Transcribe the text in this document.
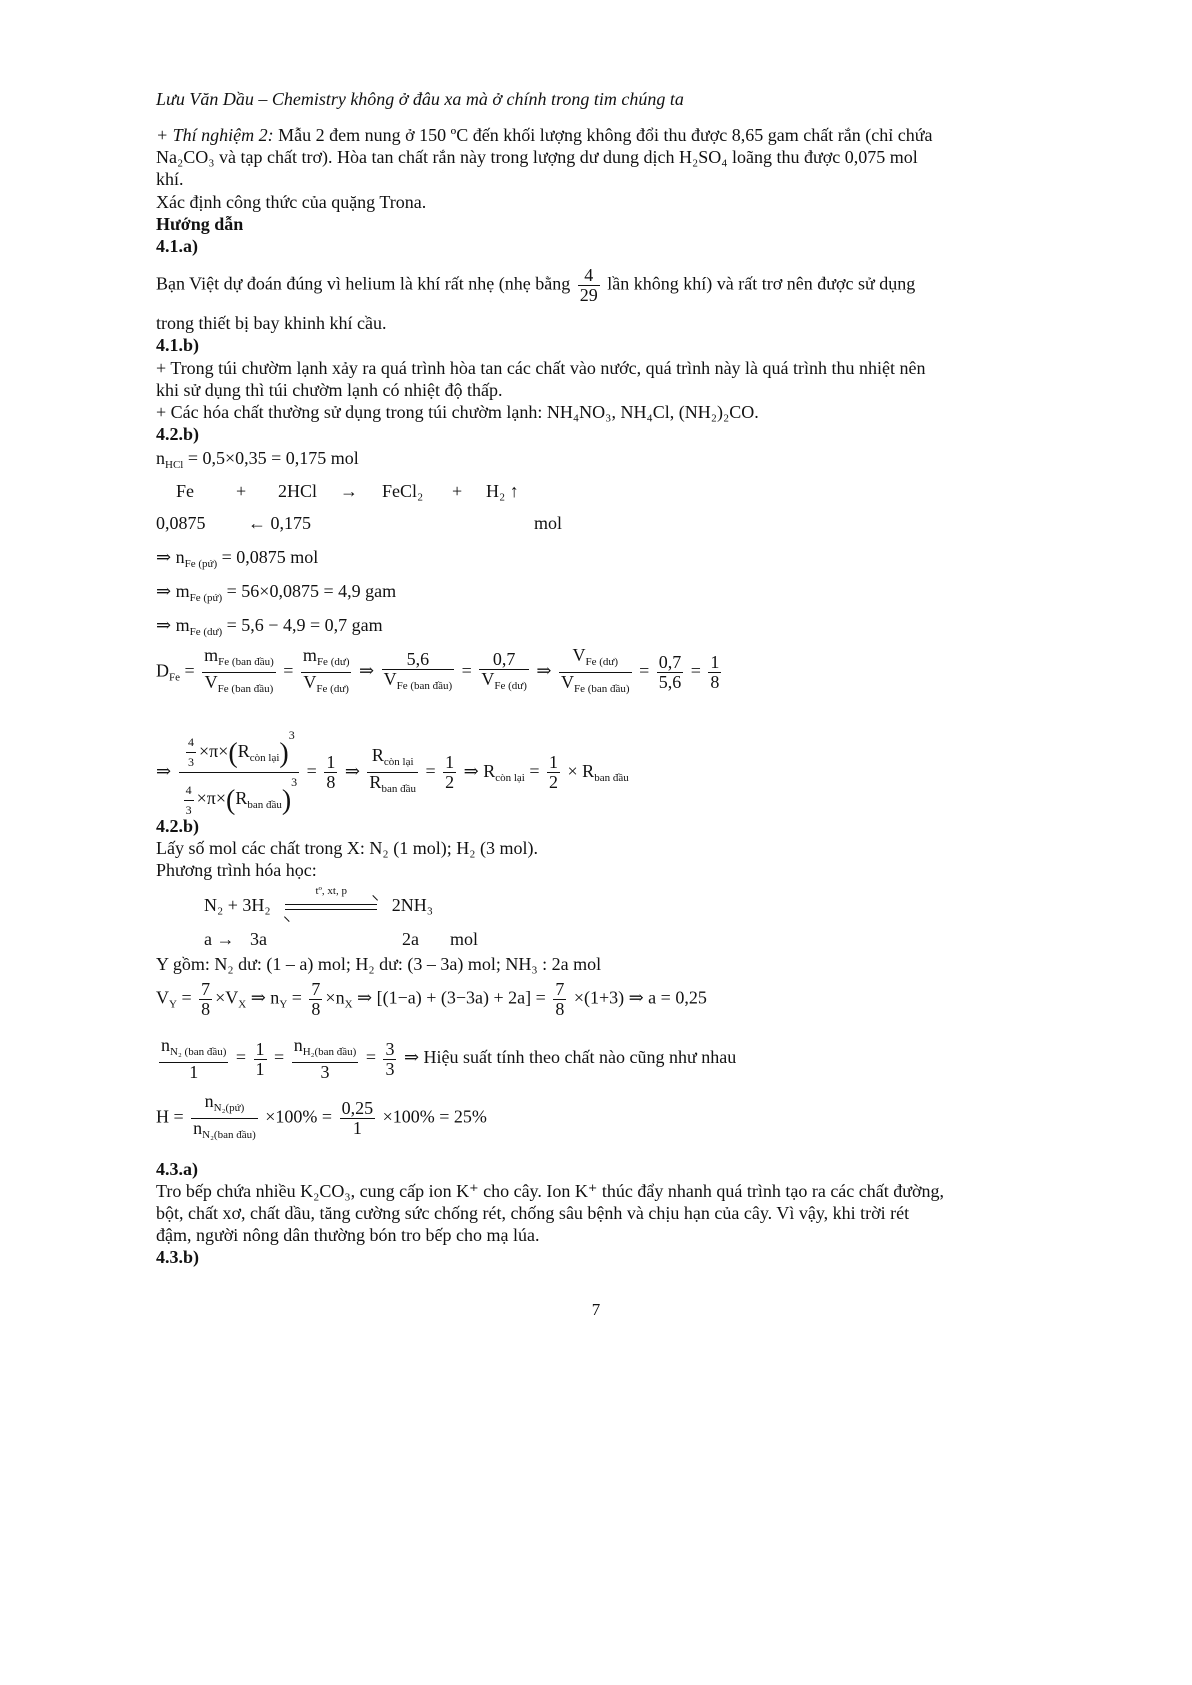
Lưu Văn Dầu – Chemistry không ở đâu xa mà ở chính trong tim chúng ta
+ Thí nghiệm 2: Mẫu 2 đem nung ở 150 ºC đến khối lượng không đổi thu được 8,65 gam chất rắn (chỉ chứa
Na₂CO₃ và tạp chất trơ). Hòa tan chất rắn này trong lượng dư dung dịch H₂SO₄ loãng thu được 0,075 mol
khí.
Xác định công thức của quặng Trona.
Hướng dẫn
4.1.a)
Bạn Việt dự đoán đúng vì helium là khí rất nhẹ (nhẹ bằng $\frac{4}{29}$ lần không khí) và rất trơ nên được sử dụng
trong thiết bị bay khinh khí cầu.
4.1.b)
+ Trong túi chườm lạnh xảy ra quá trình hòa tan các chất vào nước, quá trình này là quá trình thu nhiệt nên
khi sử dụng thì túi chườm lạnh có nhiệt độ thấp.
+ Các hóa chất thường sử dụng trong túi chườm lạnh: NH₄NO₃, NH₄Cl, (NH₂)₂CO.
4.2.b)
$n_{HCl} = 0,5\times 0,35 = 0,175$ mol
Fe + 2HCl → FeCl₂ + H₂ ↑
0,0875 ← 0,175	mol
⇒ $n_{Fe (pứ)} = 0,0875$ mol
⇒ $m_{Fe (pứ)} = 56\times 0,0875 = 4,9$ gam
⇒ $m_{Fe (dư)} = 5,6 - 4,9 = 0,7$ gam
$D_{Fe} = \frac{m_{Fe (ban đầu)}}{V_{Fe (ban đầu)}} = \frac{m_{Fe (dư)}}{V_{Fe (dư)}}$ ⇒ $\frac{5,6}{V_{Fe (ban đầu)}} = \frac{0,7}{V_{Fe (dư)}}$ ⇒ $\frac{V_{Fe (dư)}}{V_{Fe (ban đầu)}} = \frac{0,7}{5,6} = \frac{1}{8}$
⇒ $\frac{\frac{4}{3} \times\pi\times(R_{còn lại})^3}{\frac{4}{3} \times\pi\times(R_{ban đầu})^3} = \frac{1}{8}$ ⇒ $\frac{R_{còn lại}}{R_{ban đầu}} = \frac{1}{2}$ ⇒ $R_{còn lại} = \frac{1}{2} \times R_{ban đầu}$
4.2.b)
Lấy số mol các chất trong X: N₂ (1 mol); H₂ (3 mol).
Phương trình hóa học:
N₂ + 3H₂
tº, xt, p
2NH₃
a → 3a	2a mol
Y gồm: N₂ dư: (1 – a) mol; H₂ dư: (3 – 3a) mol; NH₃ : 2a mol
$V_Y = \frac{7}{8} \times V_X$ ⇒ $n_Y = \frac{7}{8} \times n_X$ ⇒ $[(1-a) + (3-3a) + 2a] = \frac{7}{8} \times(1+3)$ ⇒ a = 0,25
$\frac{n_{N_2 (ban đầu)}}{1} = \frac{1}{1} = \frac{n_{H_2(ban đầu)}}{3} = \frac{3}{3}$ ⇒ Hiệu suất tính theo chất nào cũng như nhau
$H = \frac{n_{N_2(pứ)}}{n_{N_2(ban đầu)}} \times 100\% = \frac{0,25}{1} \times 100\% = 25\%$
4.3.a)
Tro bếp chứa nhiều K₂CO₃, cung cấp ion K⁺ cho cây. Ion K⁺ thúc đẩy nhanh quá trình tạo ra các chất đường,
bột, chất xơ, chất dầu, tăng cường sức chống rét, chống sâu bệnh và chịu hạn của cây. Vì vậy, khi trời rét
đậm, người nông dân thường bón tro bếp cho mạ lúa.
4.3.b)
7
